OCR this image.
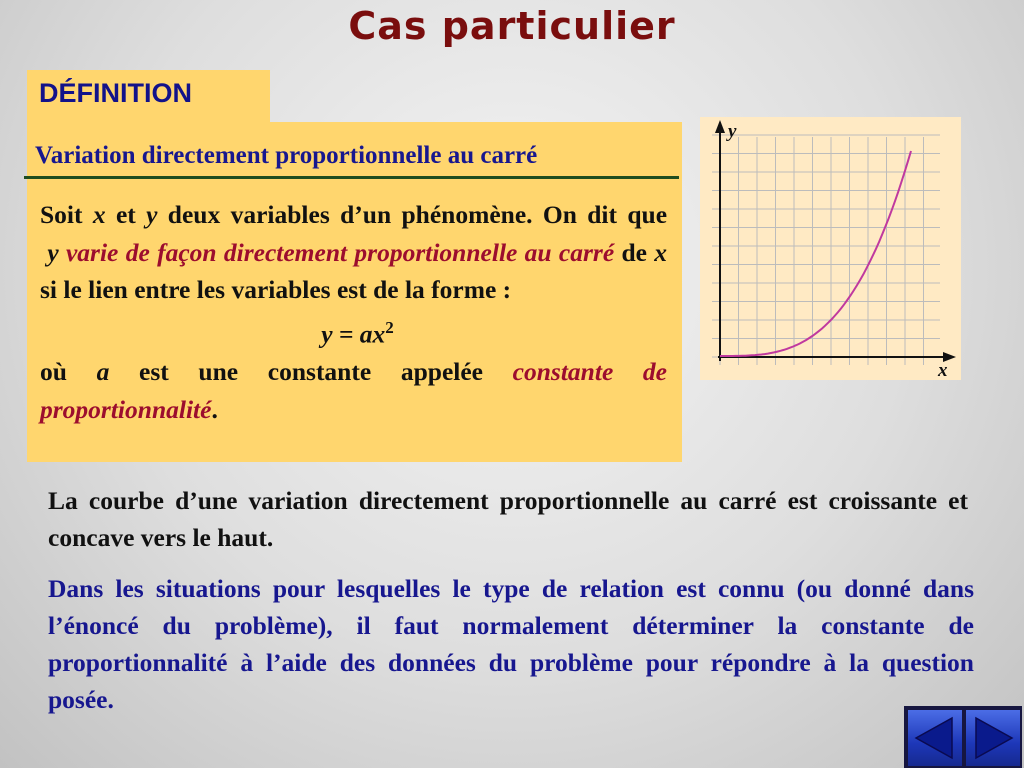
Cas particulier
DÉFINITION
Variation directement proportionnelle au carré

Soit x et y deux variables d’un phénomène. On dit que  y varie de façon directement proportionnelle au carré de x si le lien entre les variables est de la forme :

$y = ax^2$

où a est une constante appelée constante de proportionnalité.

y
x
La courbe d’une variation directement proportionnelle au carré est croissante et concave vers le haut.
Dans les situations pour lesquelles le type de relation est connu (ou donné dans l’énoncé du problème), il faut normalement déterminer la constante de proportionnalité à l’aide des données du problème pour répondre à la question posée.
